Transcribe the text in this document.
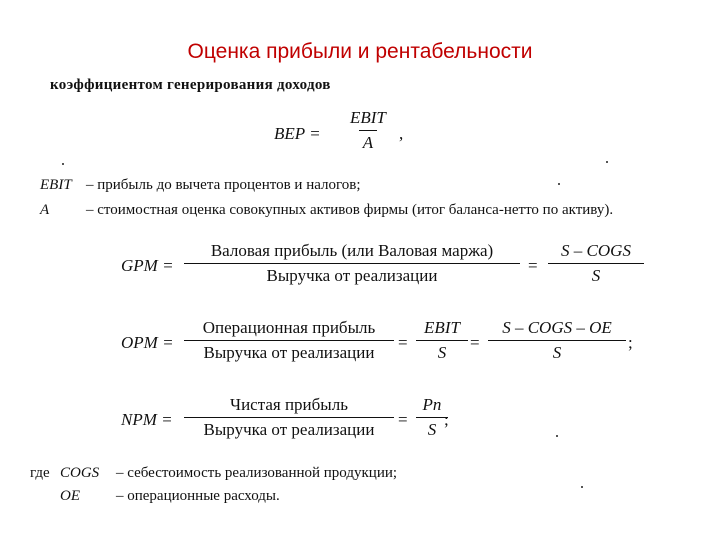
Оценка прибыли и рентабельности
коэффициентом генерирования доходов
BEP =
EBIT
A ,
EBIT – прибыль до вычета процентов и налогов;
A – стоимостная оценка совокупных активов фирмы (итог баланса-нетто по активу).
GPM =
Валовая прибыль (или Валовая маржа)
Выручка от реализации
=
S – COGS
S
OPM =
Операционная прибыль
Выручка от реализации
=
EBIT
S
=
S – COGS – OE
S
;
NPM =
Чистая прибыль
Выручка от реализации
= $\frac{Pn}{S}$
;
где COGS – себестоимость реализованной продукции;
OE – операционные расходы.
